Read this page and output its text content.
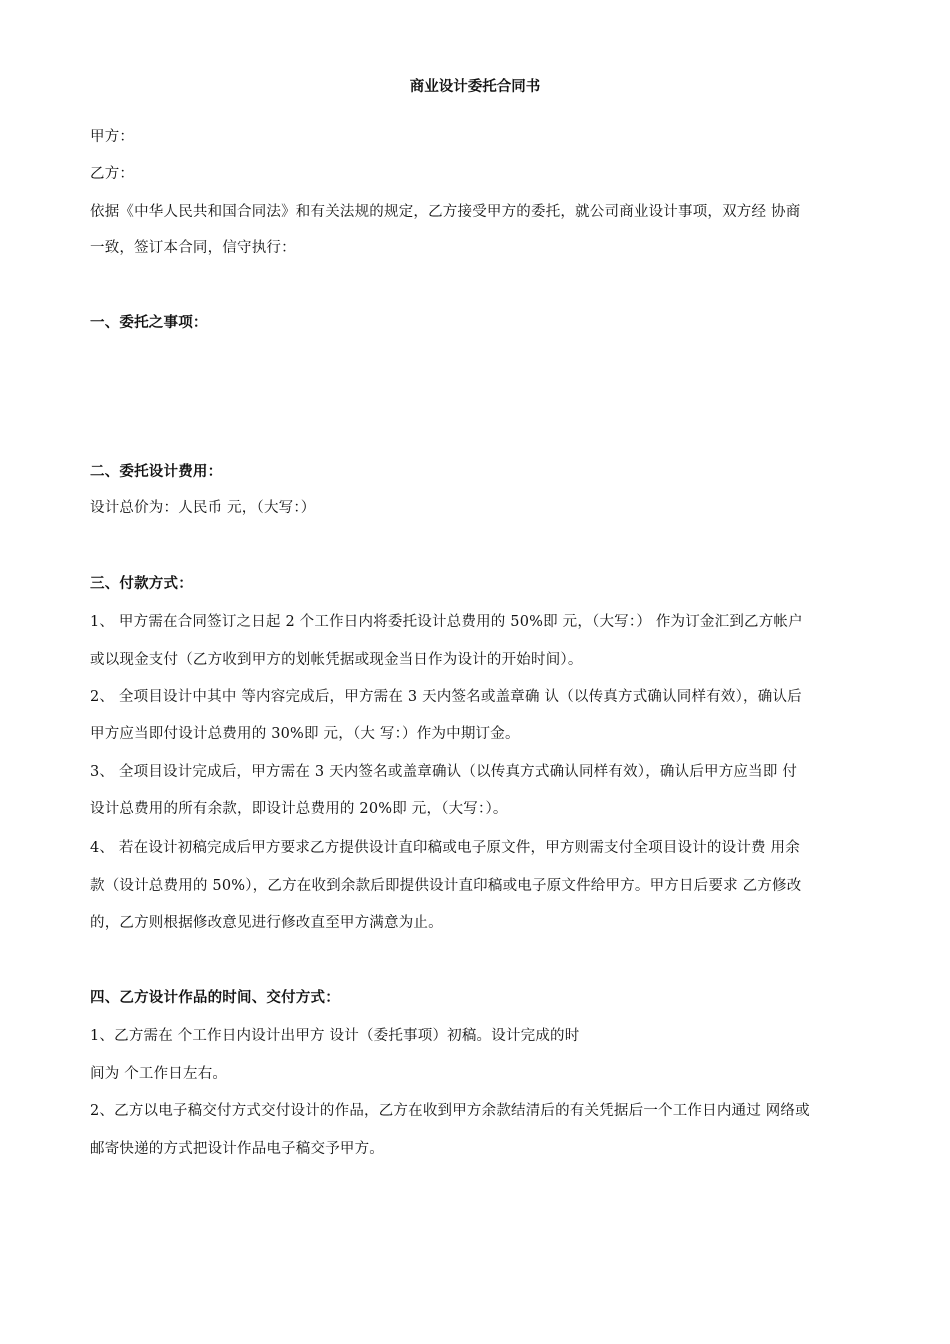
商业设计委托合同书

甲方：

乙方：

依据《中华人民共和国合同法》和有关法规的规定，乙方接受甲方的委托，就公司商业设计事项，双方经 协商

一致，签订本合同，信守执行：

一、委托之事项：

二、委托设计费用：

设计总价为：人民币 元，（大写：）

三、付款方式：

1、 甲方需在合同签订之日起 2 个工作日内将委托设计总费用的 50%即 元，（大写：） 作为订金汇到乙方帐户

或以现金支付（乙方收到甲方的划帐凭据或现金当日作为设计的开始时间）。

2、 全项目设计中其中 等内容完成后，甲方需在 3 天内签名或盖章确 认（以传真方式确认同样有效），确认后

甲方应当即付设计总费用的 30%即 元，（大 写：）作为中期订金。

3、 全项目设计完成后，甲方需在 3 天内签名或盖章确认（以传真方式确认同样有效），确认后甲方应当即 付

设计总费用的所有余款，即设计总费用的 20%即 元，（大写：）。

4、 若在设计初稿完成后甲方要求乙方提供设计直印稿或电子原文件，甲方则需支付全项目设计的设计费 用余

款（设计总费用的 50%），乙方在收到余款后即提供设计直印稿或电子原文件给甲方。甲方日后要求 乙方修改

的，乙方则根据修改意见进行修改直至甲方满意为止。

四、乙方设计作品的时间、交付方式：

1、乙方需在 个工作日内设计出甲方 设计（委托事项）初稿。设计完成的时

间为 个工作日左右。

2、乙方以电子稿交付方式交付设计的作品，乙方在收到甲方余款结清后的有关凭据后一个工作日内通过 网络或

邮寄快递的方式把设计作品电子稿交予甲方。
